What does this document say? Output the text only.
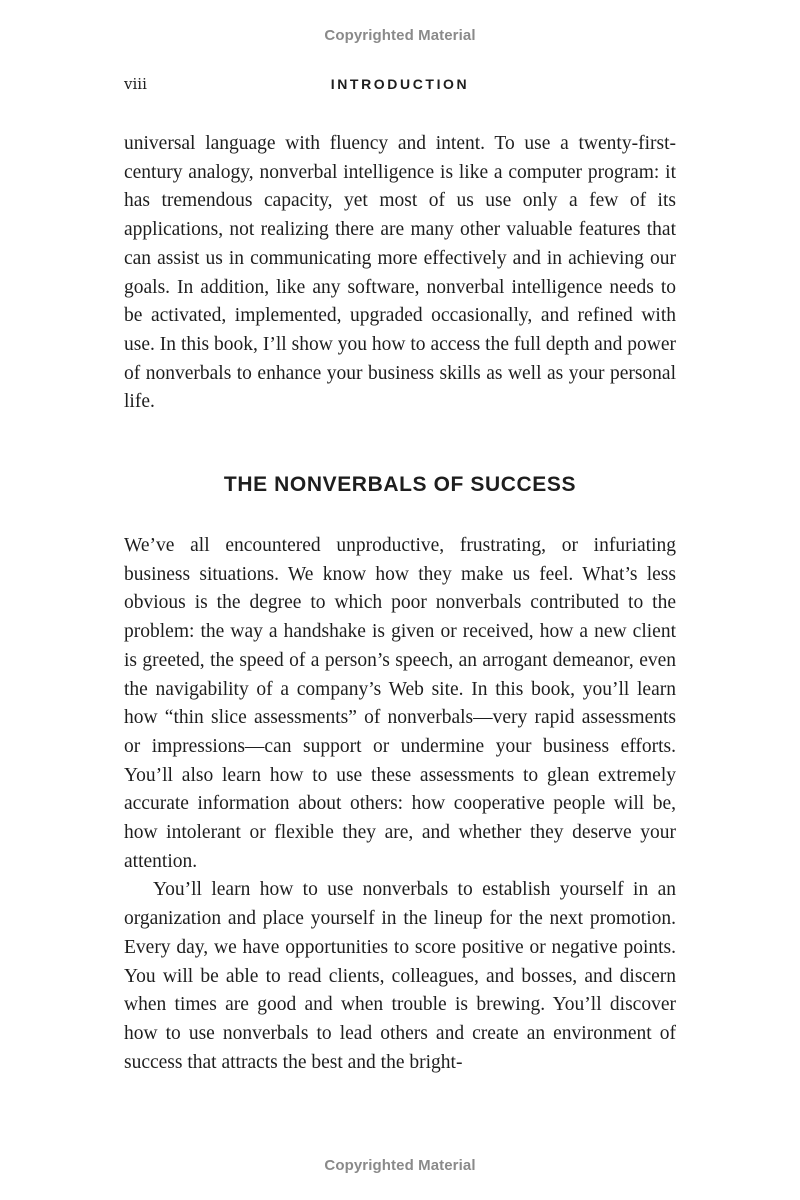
Copyrighted Material
viii	INTRODUCTION

universal language with fluency and intent. To use a twenty-first-century analogy, nonverbal intelligence is like a computer program: it has tremendous capacity, yet most of us use only a few of its applications, not realizing there are many other valuable features that can assist us in communicating more effectively and in achieving our goals. In addition, like any software, nonverbal intelligence needs to be activated, implemented, upgraded occasionally, and refined with use. In this book, I’ll show you how to access the full depth and power of nonverbals to enhance your business skills as well as your personal life.

THE NONVERBALS OF SUCCESS

We’ve all encountered unproductive, frustrating, or infuriating business situations. We know how they make us feel. What’s less obvious is the degree to which poor nonverbals contributed to the problem: the way a handshake is given or received, how a new client is greeted, the speed of a person’s speech, an arrogant demeanor, even the navigability of a company’s Web site. In this book, you’ll learn how “thin slice assessments” of nonverbals—very rapid assessments or impressions—can support or undermine your business efforts. You’ll also learn how to use these assessments to glean extremely accurate information about others: how cooperative people will be, how intolerant or flexible they are, and whether they deserve your attention.

You’ll learn how to use nonverbals to establish yourself in an organization and place yourself in the lineup for the next promotion. Every day, we have opportunities to score positive or negative points. You will be able to read clients, colleagues, and bosses, and discern when times are good and when trouble is brewing. You’ll discover how to use nonverbals to lead others and create an environment of success that attracts the best and the bright-

Copyrighted Material
